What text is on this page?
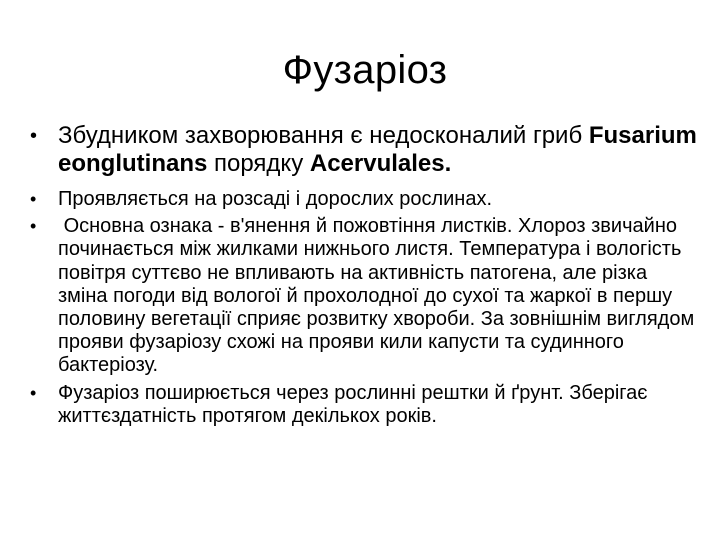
Фузаріоз
• Збудником захворювання є недосконалий гриб Fusarium eonglutinans порядку Acervulales.
• Проявляється на розсаді і дорослих рослинах.
• Основна ознака - в'янення й пожовтіння листків. Хлороз звичайно починається між жилками нижнього листя. Температура і вологість повітря суттєво не впливають на активність патогена, але різка зміна погоди від вологої й прохолодної до сухої та жаркої в першу половину вегетації сприяє розвитку хвороби. За зовнішнім виглядом прояви фузаріозу схожі на прояви кили капусти та судинного бактеріозу.
• Фузаріоз поширюється через рослинні рештки й ґрунт. Зберігає життєздатність протягом декількох років.
